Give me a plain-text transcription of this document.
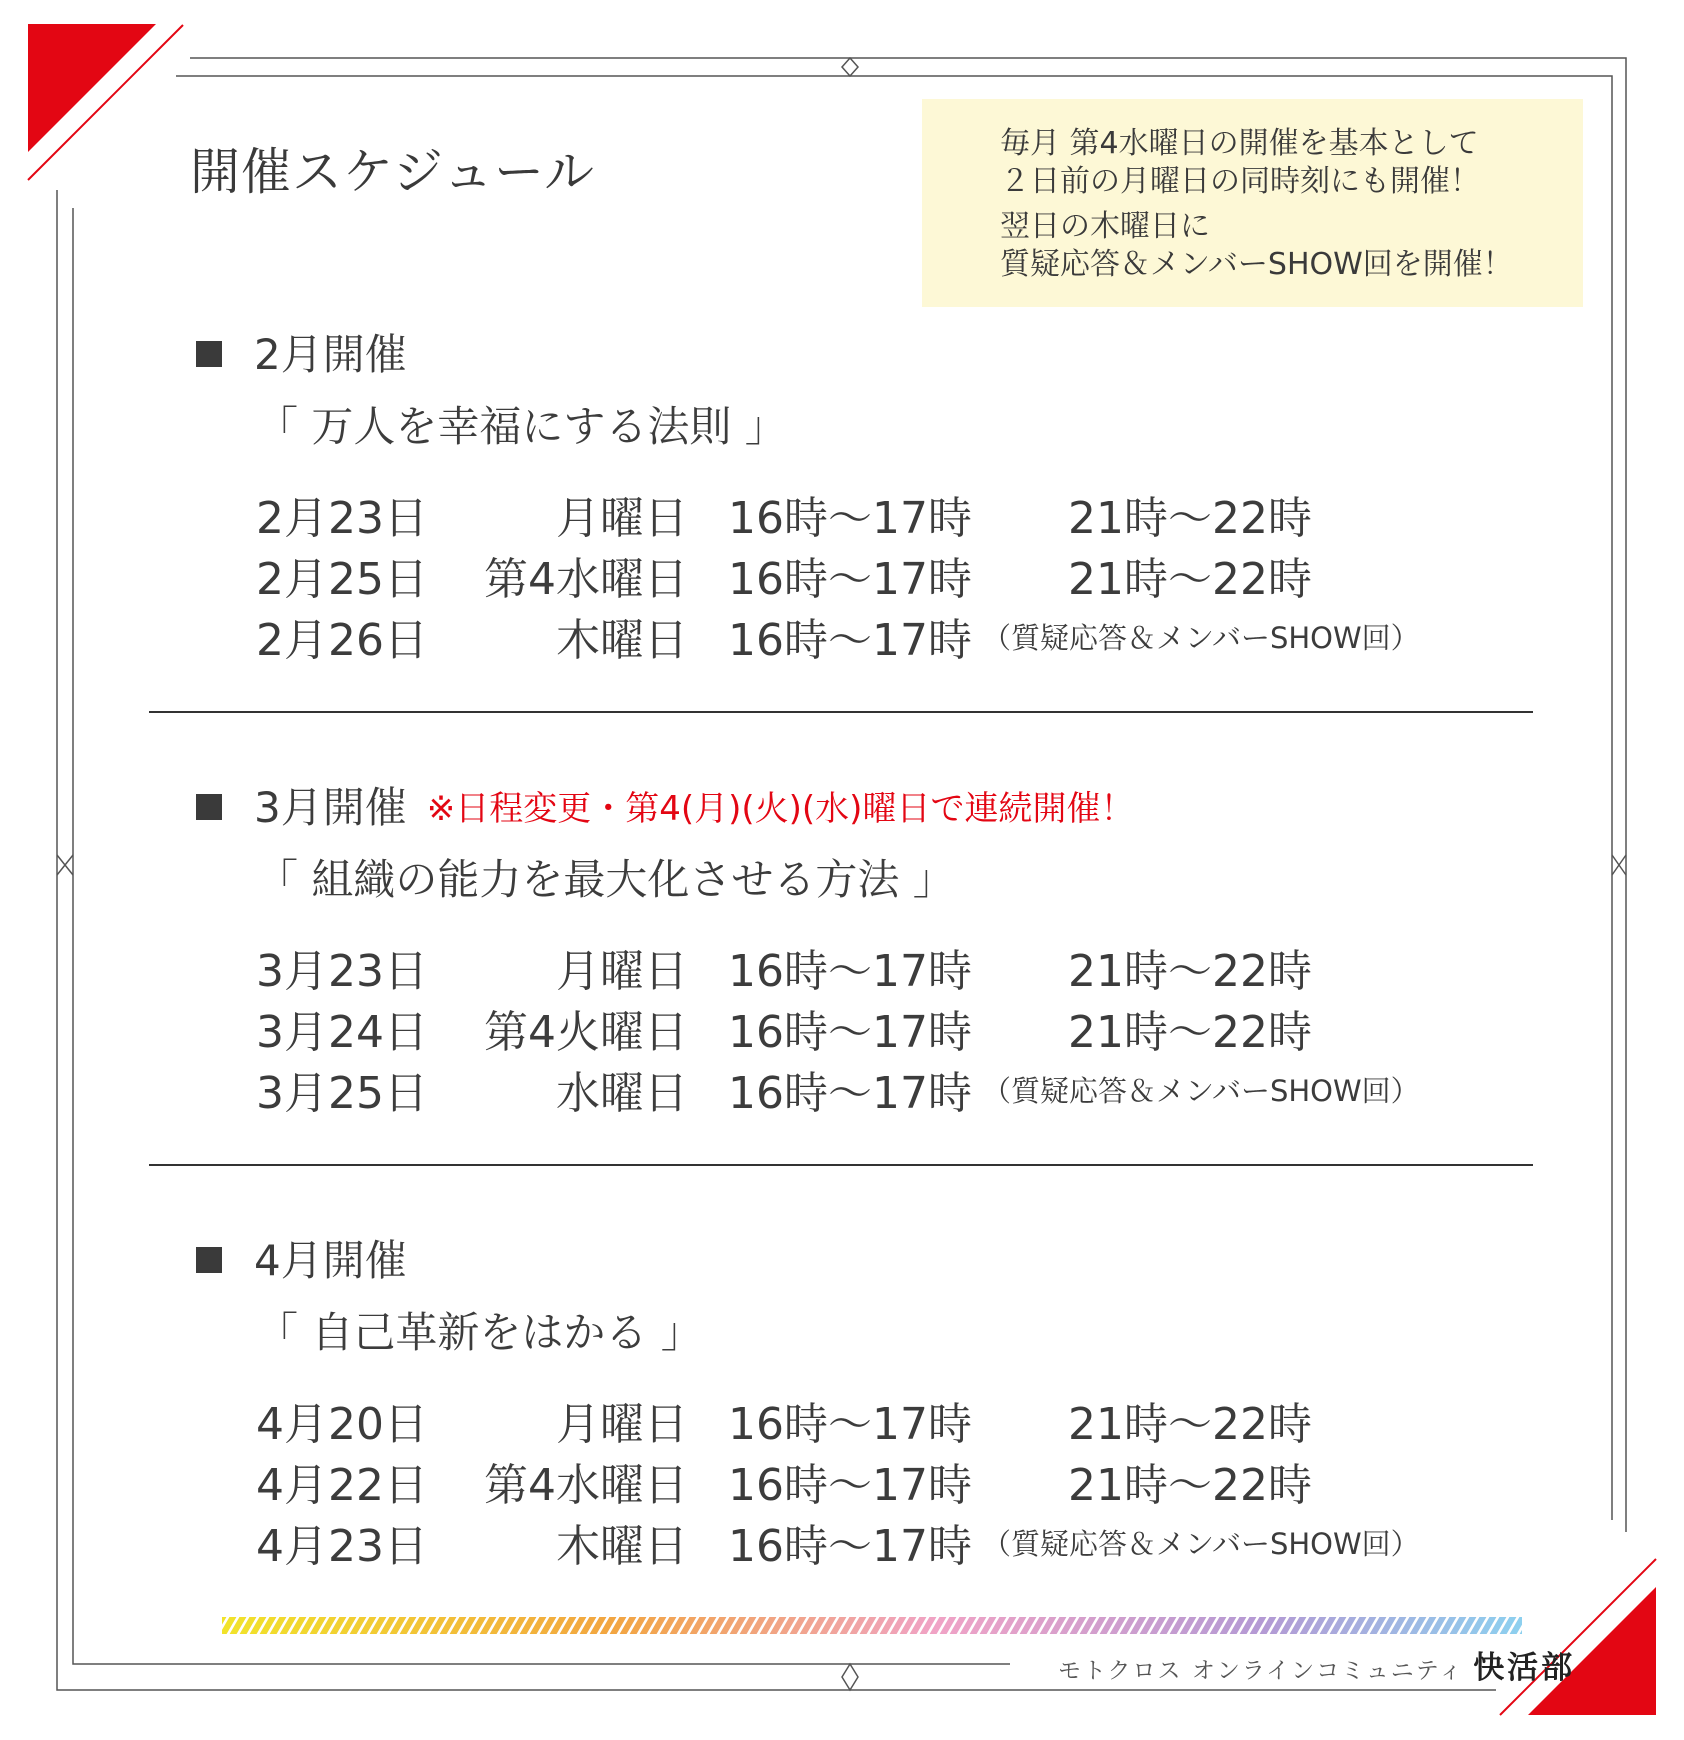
開催スケジュール	毎月 第4水曜日の開催を基本として
２日前の月曜日の同時刻にも開催！
翌日の木曜日に
質疑応答＆メンバーSHOW回を開催！
2月開催
「 万人を幸福にする法則 」
2月23日	月曜日 16時～17時 21時～22時
2月25日	第4水曜日 16時～17時 21時～22時
2月26日	木曜日 16時～17時 （質疑応答＆メンバーSHOW回）
3月開催 ※日程変更・第4(月)(火)(水)曜日で連続開催！
「 組織の能力を最大化させる方法 」
3月23日	月曜日 16時～17時 21時～22時
3月24日	第4火曜日 16時～17時 21時～22時
3月25日	水曜日 16時～17時 （質疑応答＆メンバーSHOW回）
4月開催
「 自己革新をはかる 」
4月20日	月曜日 16時～17時 21時～22時
4月22日	第4水曜日 16時～17時 21時～22時
4月23日	木曜日 16時～17時 （質疑応答＆メンバーSHOW回）
モトクロス オンラインコミュニティ 快活部
